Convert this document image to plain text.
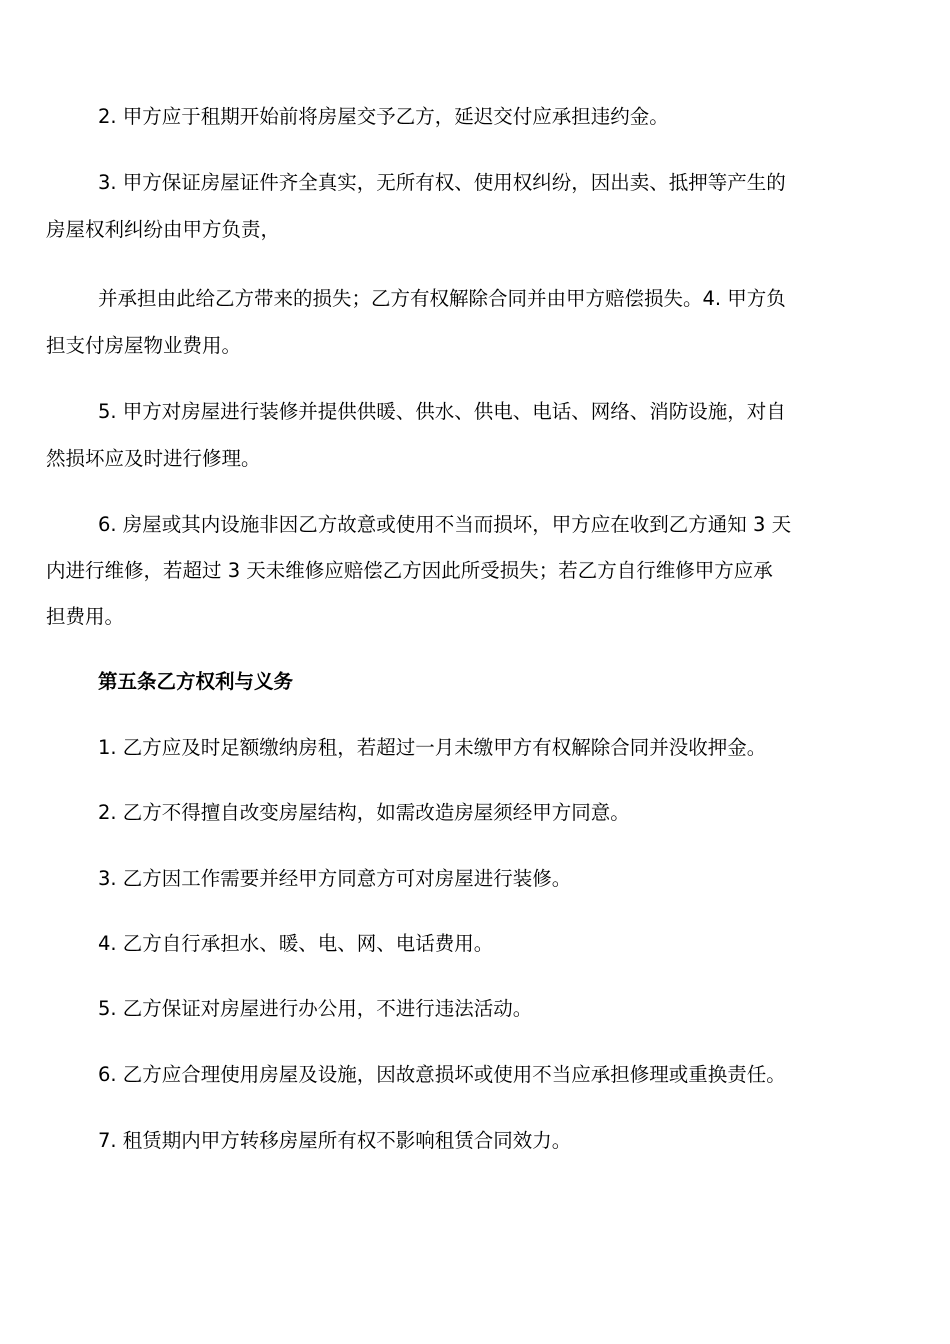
2. 甲方应于租期开始前将房屋交予乙方，延迟交付应承担违约金。
3. 甲方保证房屋证件齐全真实，无所有权、使用权纠纷，因出卖、抵押等产生的
房屋权利纠纷由甲方负责，
并承担由此给乙方带来的损失；乙方有权解除合同并由甲方赔偿损失。4. 甲方负
担支付房屋物业费用。
5. 甲方对房屋进行装修并提供供暖、供水、供电、电话、网络、消防设施，对自
然损坏应及时进行修理。
6. 房屋或其内设施非因乙方故意或使用不当而损坏，甲方应在收到乙方通知 3 天
内进行维修，若超过 3 天未维修应赔偿乙方因此所受损失；若乙方自行维修甲方应承
担费用。
第五条乙方权利与义务
1. 乙方应及时足额缴纳房租，若超过一月未缴甲方有权解除合同并没收押金。
2. 乙方不得擅自改变房屋结构，如需改造房屋须经甲方同意。
3. 乙方因工作需要并经甲方同意方可对房屋进行装修。
4. 乙方自行承担水、暖、电、网、电话费用。
5. 乙方保证对房屋进行办公用，不进行违法活动。
6. 乙方应合理使用房屋及设施，因故意损坏或使用不当应承担修理或重换责任。
7. 租赁期内甲方转移房屋所有权不影响租赁合同效力。
